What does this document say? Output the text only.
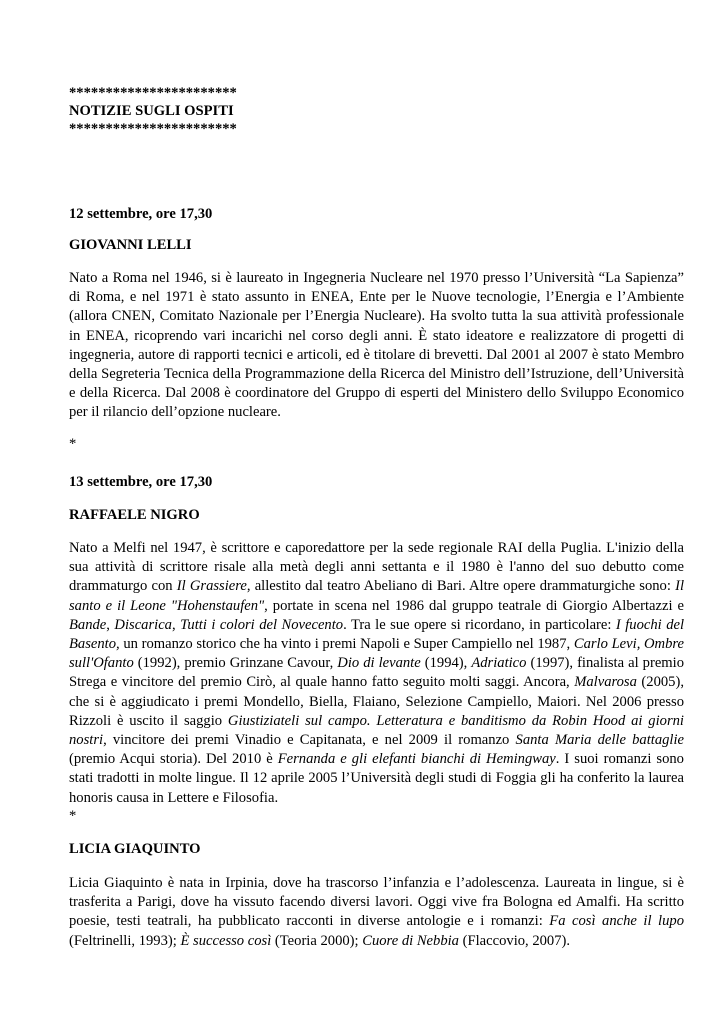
***********************
NOTIZIE SUGLI OSPITI
***********************
12 settembre, ore 17,30
GIOVANNI LELLI

Nato a Roma nel 1946, si è laureato in Ingegneria Nucleare nel 1970 presso l’Università “La Sapienza” di Roma, e nel 1971 è stato assunto in ENEA, Ente per le Nuove tecnologie, l’Energia e l’Ambiente (allora CNEN, Comitato Nazionale per l’Energia Nucleare). Ha svolto tutta la sua attività professionale in ENEA, ricoprendo vari incarichi nel corso degli anni. È stato ideatore e realizzatore di progetti di ingegneria, autore di rapporti tecnici e articoli, ed è titolare di brevetti. Dal 2001 al 2007 è stato Membro della Segreteria Tecnica della Programmazione della Ricerca del Ministro dell’Istruzione, dell’Università e della Ricerca. Dal 2008 è coordinatore del Gruppo di esperti del Ministero dello Sviluppo Economico per il rilancio dell’opzione nucleare.

*
13 settembre, ore 17,30
RAFFAELE NIGRO

Nato a Melfi nel 1947, è scrittore e caporedattore per la sede regionale RAI della Puglia. L'inizio della sua attività di scrittore risale alla metà degli anni settanta e il 1980 è l'anno del suo debutto come drammaturgo con Il Grassiere, allestito dal teatro Abeliano di Bari. Altre opere drammaturgiche sono: Il santo e il Leone "Hohenstaufen", portate in scena nel 1986 dal gruppo teatrale di Giorgio Albertazzi e Bande, Discarica, Tutti i colori del Novecento. Tra le sue opere si ricordano, in particolare: I fuochi del Basento, un romanzo storico che ha vinto i premi Napoli e Super Campiello nel 1987, Carlo Levi, Ombre sull'Ofanto (1992), premio Grinzane Cavour, Dio di levante (1994), Adriatico (1997), finalista al premio Strega e vincitore del premio Cirò, al quale hanno fatto seguito molti saggi. Ancora, Malvarosa (2005), che si è aggiudicato i premi Mondello, Biella, Flaiano, Selezione Campiello, Maiori. Nel 2006 presso Rizzoli è uscito il saggio Giustiziateli sul campo. Letteratura e banditismo da Robin Hood ai giorni nostri, vincitore dei premi Vinadio e Capitanata, e nel 2009 il romanzo Santa Maria delle battaglie (premio Acqui storia). Del 2010 è Fernanda e gli elefanti bianchi di Hemingway. I suoi romanzi sono stati tradotti in molte lingue. Il 12 aprile 2005 l’Università degli studi di Foggia gli ha conferito la laurea honoris causa in Lettere e Filosofia.

*
LICIA GIAQUINTO

Licia Giaquinto è nata in Irpinia, dove ha trascorso l’infanzia e l’adolescenza. Laureata in lingue, si è trasferita a Parigi, dove ha vissuto facendo diversi lavori. Oggi vive fra Bologna ed Amalfi. Ha scritto poesie, testi teatrali, ha pubblicato racconti in diverse antologie e i romanzi: Fa così anche il lupo (Feltrinelli, 1993); È successo così (Teoria 2000); Cuore di Nebbia (Flaccovio, 2007).
